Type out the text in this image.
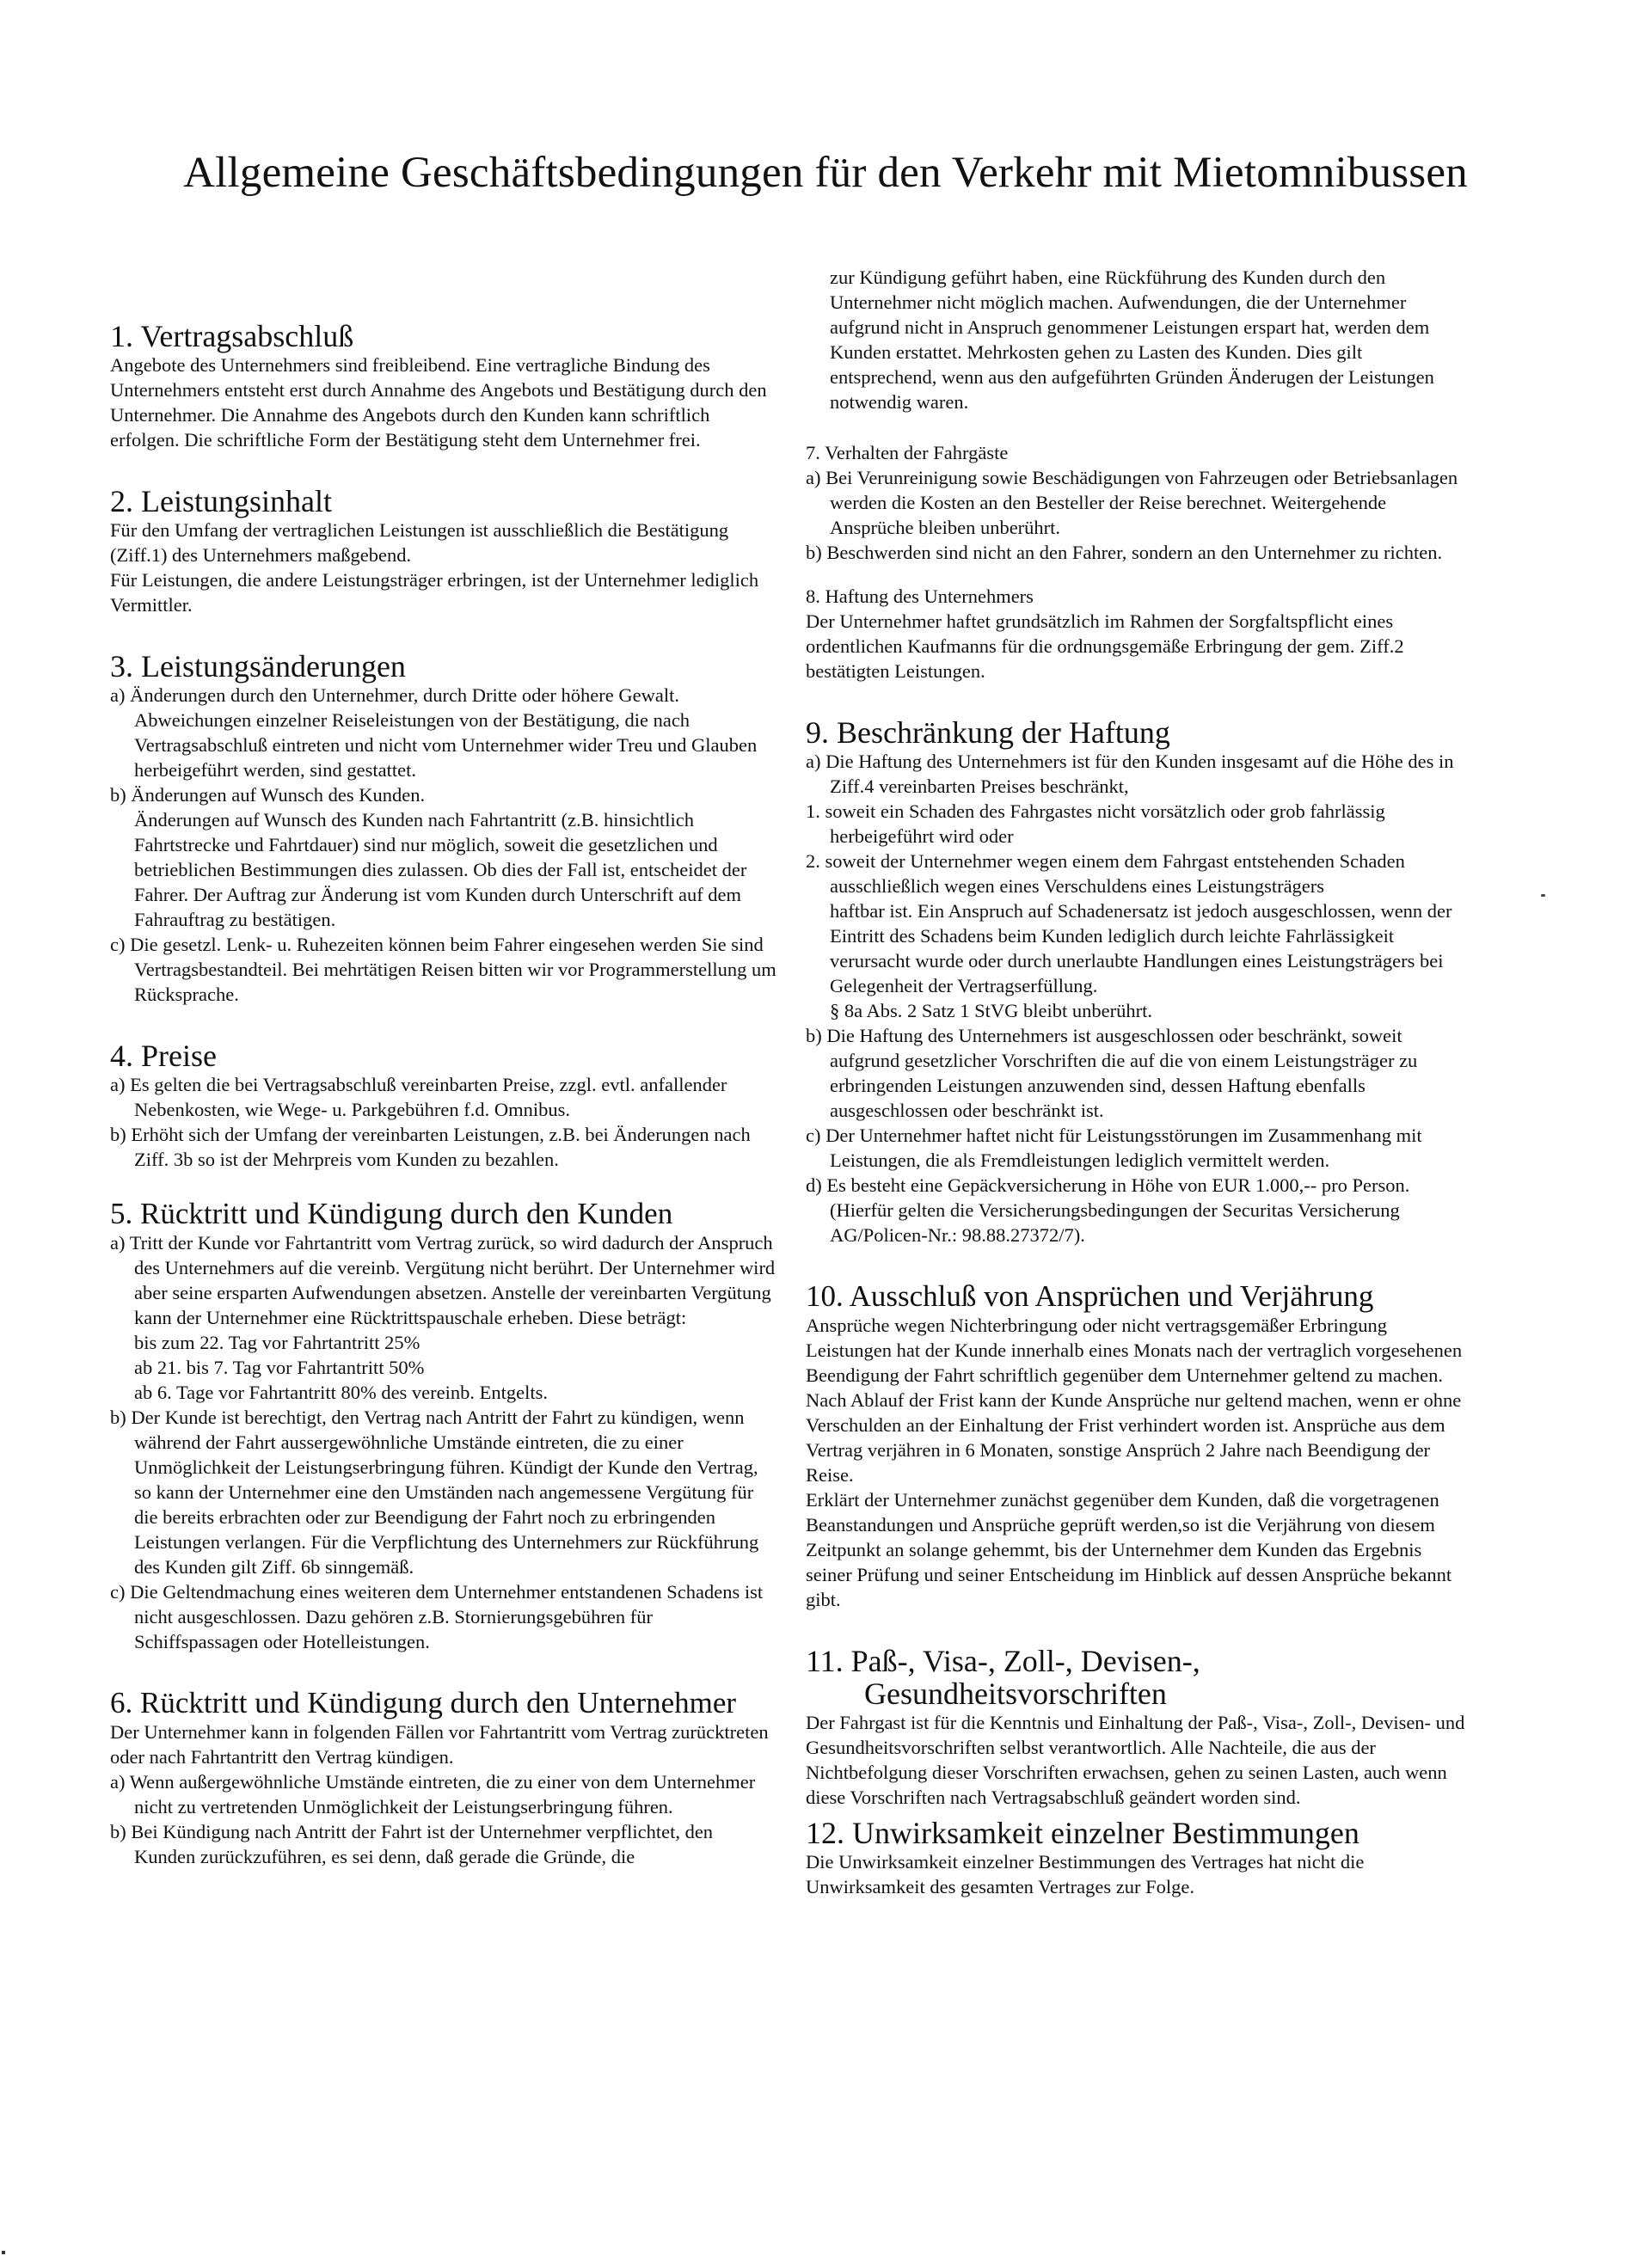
Allgemeine Geschäftsbedingungen für den Verkehr mit Mietomnibussen
1. Vertragsabschluß

Angebote des Unternehmers sind freibleibend. Eine vertragliche Bindung des Unternehmers entsteht erst durch Annahme des Angebots und Bestätigung durch den Unternehmer. Die Annahme des Angebots durch den Kunden kann schriftlich erfolgen. Die schriftliche Form der Bestätigung steht dem Unternehmer frei.

2. Leistungsinhalt

Für den Umfang der vertraglichen Leistungen ist ausschließlich die Bestätigung (Ziff.1) des Unternehmers maßgebend.

Für Leistungen, die andere Leistungsträger erbringen, ist der Unternehmer lediglich Vermittler.

3. Leistungsänderungen

a) Änderungen durch den Unternehmer, durch Dritte oder höhere Gewalt.

Abweichungen einzelner Reiseleistungen von der Bestätigung, die nach Vertragsabschluß eintreten und nicht vom Unternehmer wider Treu und Glauben herbeigeführt werden, sind gestattet.

b) Änderungen auf Wunsch des Kunden.

Änderungen auf Wunsch des Kunden nach Fahrtantritt (z.B. hinsichtlich Fahrtstrecke und Fahrtdauer) sind nur möglich, soweit die gesetzlichen und betrieblichen Bestimmungen dies zulassen. Ob dies der Fall ist, entscheidet der Fahrer. Der Auftrag zur Änderung ist vom Kunden durch Unterschrift auf dem Fahrauftrag zu bestätigen.

c) Die gesetzl. Lenk- u. Ruhezeiten können beim Fahrer eingesehen werden Sie sind Vertragsbestandteil. Bei mehrtätigen Reisen bitten wir vor Programmerstellung um Rücksprache.

4. Preise

a) Es gelten die bei Vertragsabschluß vereinbarten Preise, zzgl. evtl. anfallender Nebenkosten, wie Wege- u. Parkgebühren f.d. Omnibus.

b) Erhöht sich der Umfang der vereinbarten Leistungen, z.B. bei Änderungen nach Ziff. 3b so ist der Mehrpreis vom Kunden zu bezahlen.

5. Rücktritt und Kündigung durch den Kunden

a) Tritt der Kunde vor Fahrtantritt vom Vertrag zurück, so wird dadurch der Anspruch des Unternehmers auf die vereinb. Vergütung nicht berührt. Der Unternehmer wird aber seine ersparten Aufwendungen absetzen. Anstelle der vereinbarten Vergütung kann der Unternehmer eine Rücktrittspauschale erheben. Diese beträgt:

bis zum 22. Tag vor Fahrtantritt 25%

ab 21. bis 7. Tag vor Fahrtantritt 50%

ab 6. Tage vor Fahrtantritt 80% des vereinb. Entgelts.

b) Der Kunde ist berechtigt, den Vertrag nach Antritt der Fahrt zu kündigen, wenn während der Fahrt aussergewöhnliche Umstände eintreten, die zu einer Unmöglichkeit der Leistungserbringung führen. Kündigt der Kunde den Vertrag, so kann der Unternehmer eine den Umständen nach angemessene Vergütung für die bereits erbrachten oder zur Beendigung der Fahrt noch zu erbringenden Leistungen verlangen. Für die Verpflichtung des Unternehmers zur Rückführung des Kunden gilt Ziff. 6b sinngemäß.

c) Die Geltendmachung eines weiteren dem Unternehmer entstandenen Schadens ist nicht ausgeschlossen. Dazu gehören z.B. Stornierungsgebühren für Schiffspassagen oder Hotelleistungen.

6. Rücktritt und Kündigung durch den Unternehmer

Der Unternehmer kann in folgenden Fällen vor Fahrtantritt vom Vertrag zurücktreten oder nach Fahrtantritt den Vertrag kündigen.

a) Wenn außergewöhnliche Umstände eintreten, die zu einer von dem Unternehmer nicht zu vertretenden Unmöglichkeit der Leistungserbringung führen.

b) Bei Kündigung nach Antritt der Fahrt ist der Unternehmer verpflichtet, den Kunden zurückzuführen, es sei denn, daß gerade die Gründe, die

zur Kündigung geführt haben, eine Rückführung des Kunden durch den Unternehmer nicht möglich machen. Aufwendungen, die der Unternehmer aufgrund nicht in Anspruch genommener Leistungen erspart hat, werden dem Kunden erstattet. Mehrkosten gehen zu Lasten des Kunden. Dies gilt entsprechend, wenn aus den aufgeführten Gründen Änderugen der Leistungen notwendig waren.

7. Verhalten der Fahrgäste

a) Bei Verunreinigung sowie Beschädigungen von Fahrzeugen oder Betriebsanlagen werden die Kosten an den Besteller der Reise berechnet. Weitergehende Ansprüche bleiben unberührt.

b) Beschwerden sind nicht an den Fahrer, sondern an den Unternehmer zu richten.

8. Haftung des Unternehmers

Der Unternehmer haftet grundsätzlich im Rahmen der Sorgfaltspflicht eines ordentlichen Kaufmanns für die ordnungsgemäße Erbringung der gem. Ziff.2 bestätigten Leistungen.

9. Beschränkung der Haftung

a) Die Haftung des Unternehmers ist für den Kunden insgesamt auf die Höhe des in Ziff.4 vereinbarten Preises beschränkt,

1. soweit ein Schaden des Fahrgastes nicht vorsätzlich oder grob fahrlässig herbeigeführt wird oder

2. soweit der Unternehmer wegen einem dem Fahrgast entstehenden Schaden ausschließlich wegen eines Verschuldens eines Leistungsträgers

haftbar ist. Ein Anspruch auf Schadenersatz ist jedoch ausgeschlossen, wenn der Eintritt des Schadens beim Kunden lediglich durch leichte Fahrlässigkeit verursacht wurde oder durch unerlaubte Handlungen eines Leistungsträgers bei Gelegenheit der Vertragserfüllung.

§ 8a Abs. 2 Satz 1 StVG bleibt unberührt.

b) Die Haftung des Unternehmers ist ausgeschlossen oder beschränkt, soweit aufgrund gesetzlicher Vorschriften die auf die von einem Leistungsträger zu erbringenden Leistungen anzuwenden sind, dessen Haftung ebenfalls ausgeschlossen oder beschränkt ist.

c) Der Unternehmer haftet nicht für Leistungsstörungen im Zusammenhang mit Leistungen, die als Fremdleistungen lediglich vermittelt werden.

d) Es besteht eine Gepäckversicherung in Höhe von EUR 1.000,-- pro Person. (Hierfür gelten die Versicherungsbedingungen der Securitas Versicherung AG/Policen-Nr.: 98.88.27372/7).

10. Ausschluß von Ansprüchen und Verjährung

Ansprüche wegen Nichterbringung oder nicht vertragsgemäßer Erbringung Leistungen hat der Kunde innerhalb eines Monats nach der vertraglich vorgesehenen Beendigung der Fahrt schriftlich gegenüber dem Unternehmer geltend zu machen. Nach Ablauf der Frist kann der Kunde Ansprüche nur geltend machen, wenn er ohne Verschulden an der Einhaltung der Frist verhindert worden ist. Ansprüche aus dem Vertrag verjähren in 6 Monaten, sonstige Ansprüch 2 Jahre nach Beendigung der Reise.

Erklärt der Unternehmer zunächst gegenüber dem Kunden, daß die vorgetragenen Beanstandungen und Ansprüche geprüft werden,so ist die Verjährung von diesem Zeitpunkt an solange gehemmt, bis der Unternehmer dem Kunden das Ergebnis seiner Prüfung und seiner Entscheidung im Hinblick auf dessen Ansprüche bekannt gibt.

11. Paß-, Visa-, Zoll-, Devisen-,
Gesundheitsvorschriften

Der Fahrgast ist für die Kenntnis und Einhaltung der Paß-, Visa-, Zoll-, Devisen- und Gesundheitsvorschriften selbst verantwortlich. Alle Nachteile, die aus der Nichtbefolgung dieser Vorschriften erwachsen, gehen zu seinen Lasten, auch wenn diese Vorschriften nach Vertragsabschluß geändert worden sind.

12. Unwirksamkeit einzelner Bestimmungen

Die Unwirksamkeit einzelner Bestimmungen des Vertrages hat nicht die Unwirksamkeit des gesamten Vertrages zur Folge.
